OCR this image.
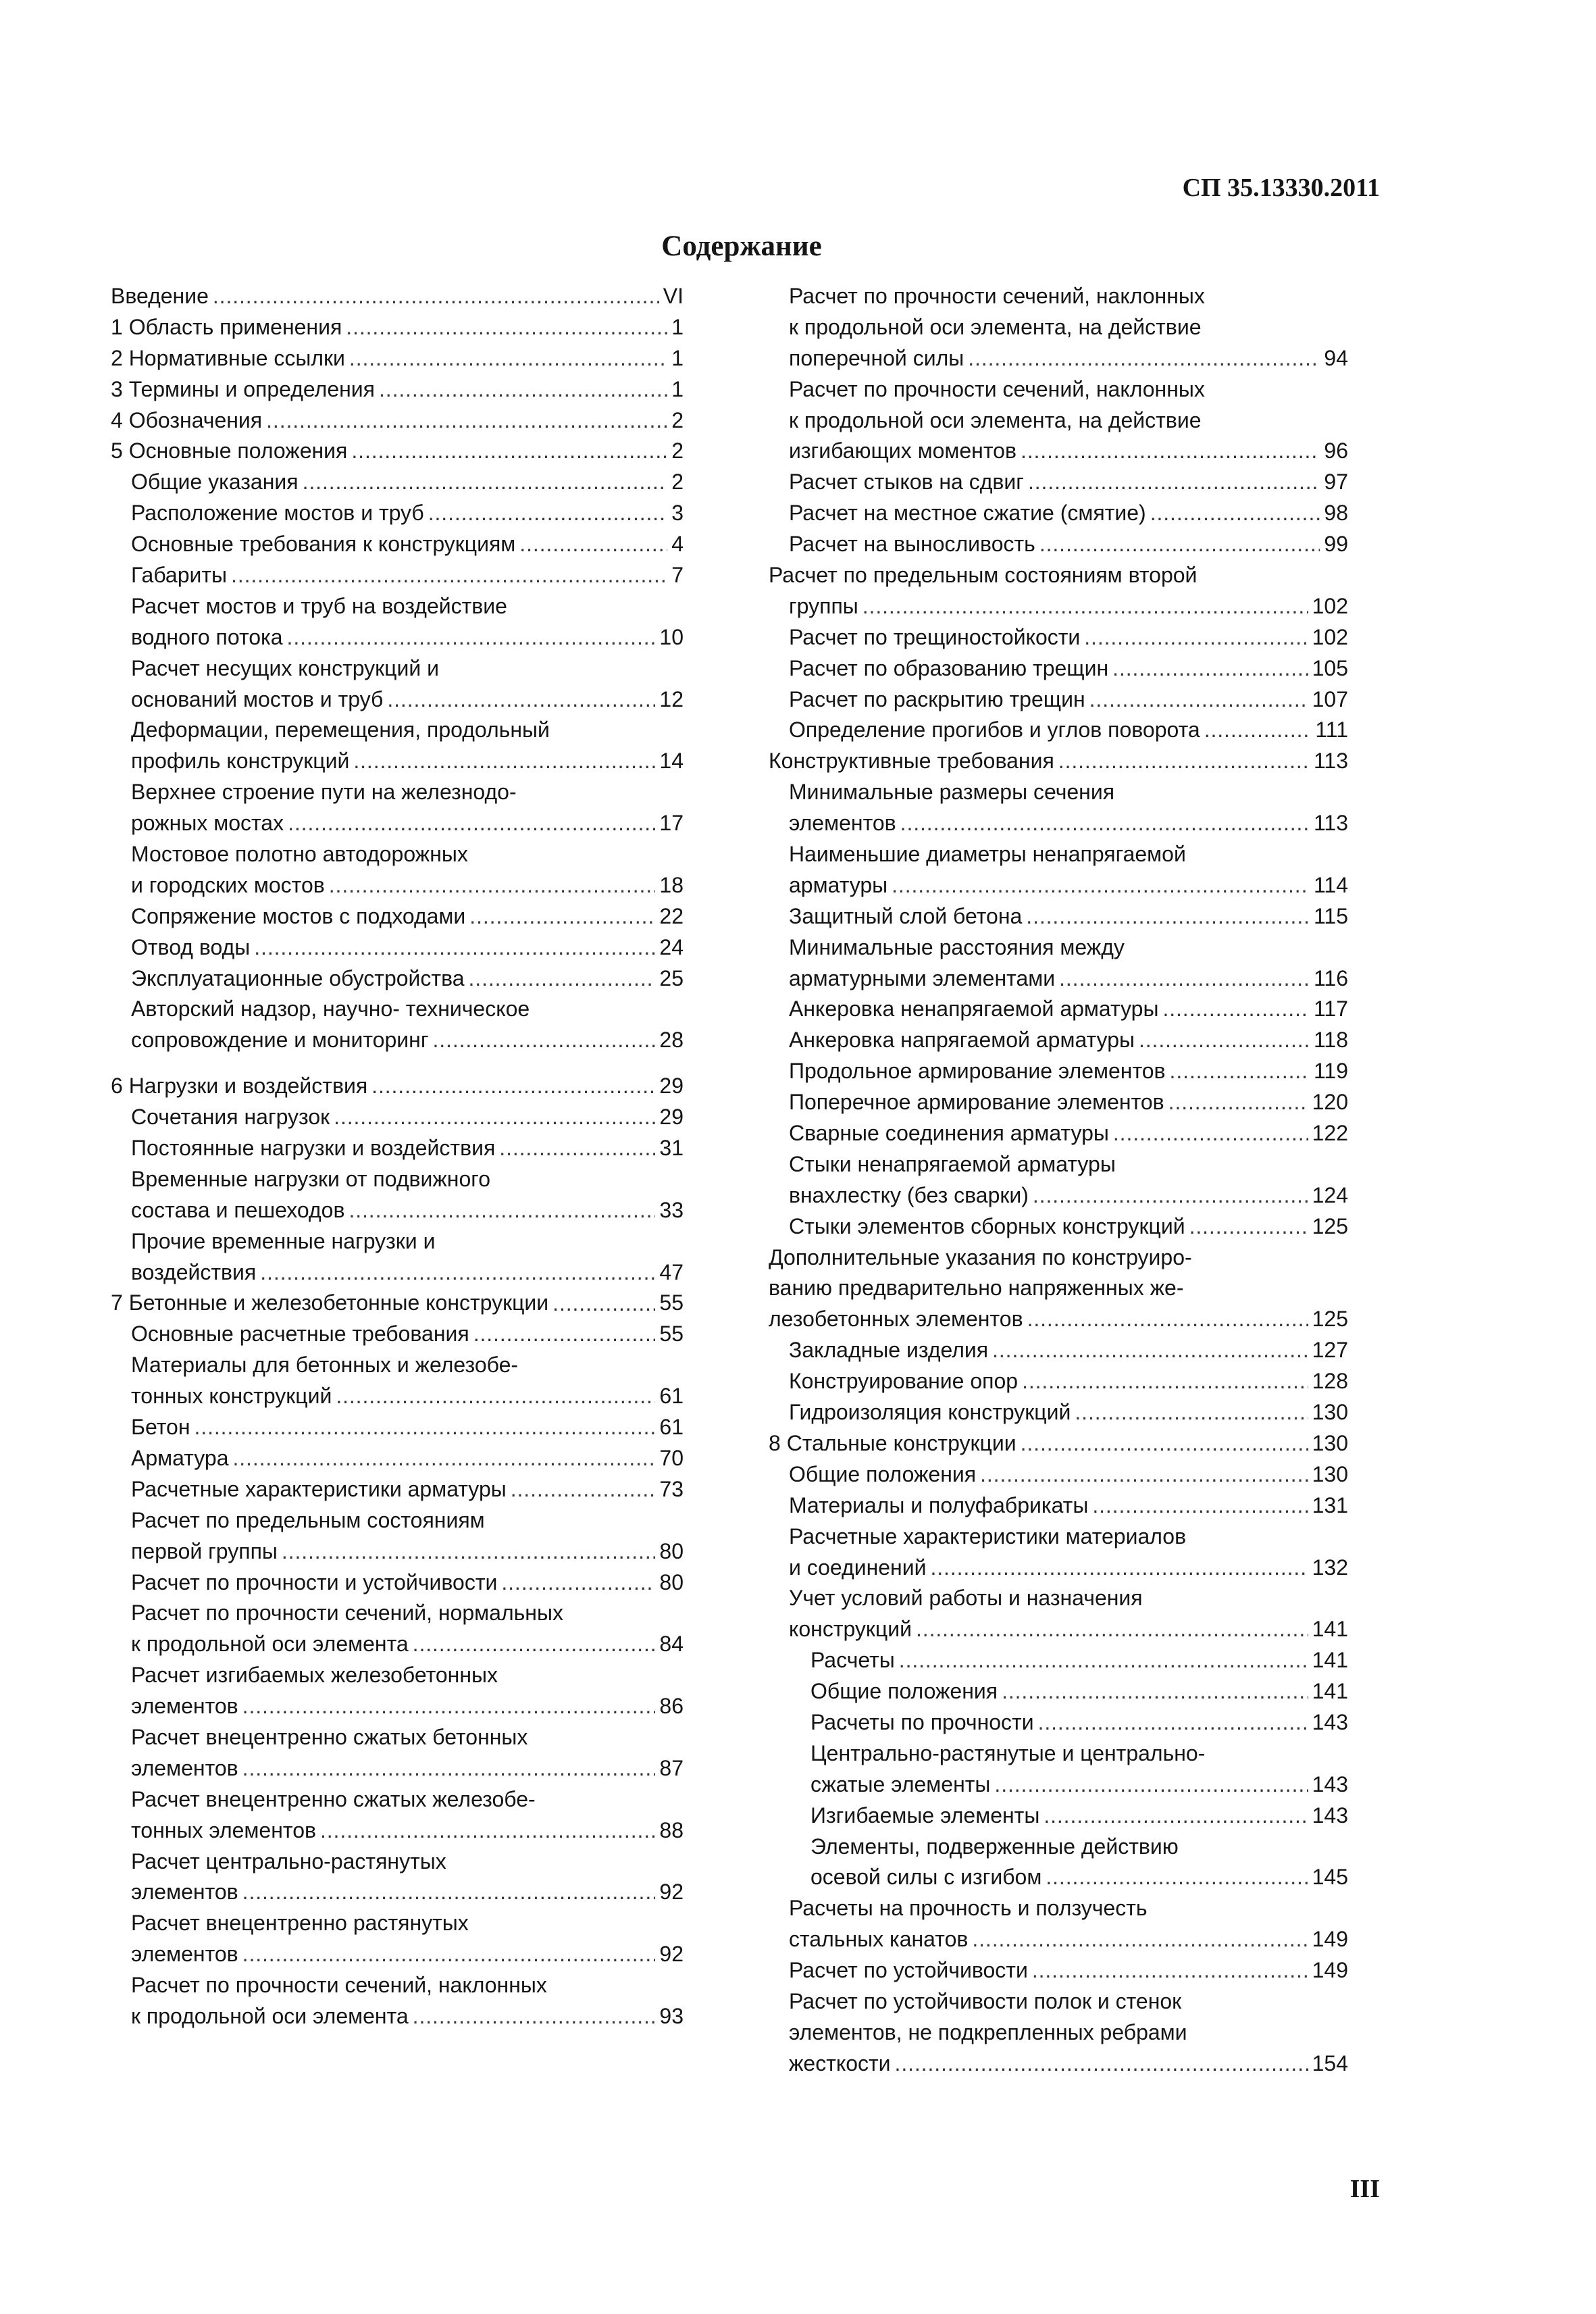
СП 35.13330.2011

Содержание
Введение . . .	VI
1 Область применения . . .	1
2 Нормативные ссылки . . .	1
3 Термины и определения . . .	1
4 Обозначения . . .	2
5 Основные положения . . .	2
Общие указания . . .	2
Расположение мостов и труб . . .	3
Основные требования к конструкциям . . .	4
Габариты . . .	7
Расчет мостов и труб на воздействие
водного потока . . .	10
Расчет несущих конструкций и
оснований мостов и труб . . .	12
Деформации, перемещения, продольный
профиль конструкций . . .	14
Верхнее строение пути на железнодо-
рожных мостах . . .	17
Мостовое полотно автодорожных
и городских мостов . . .	18
Сопряжение мостов с подходами . . .	22
Отвод воды . . .	24
Эксплуатационные обустройства . . .	25
Авторский надзор, научно- техническое
сопровождение и мониторинг . . .	28
6 Нагрузки и воздействия . . .	29
Сочетания нагрузок . . .	29
Постоянные нагрузки и воздействия . . .	31
Временные нагрузки от подвижного
состава и пешеходов . . .	33
Прочие временные нагрузки и
воздействия . . .	47
7 Бетонные и железобетонные конструкции . . .	55
Основные расчетные требования . . .	55
Материалы для бетонных и железобе-
тонных конструкций . . .	61
Бетон . . .	61
Арматура . . .	70
Расчетные характеристики арматуры . . .	73
Расчет по предельным состояниям
первой группы . . .	80
Расчет по прочности и устойчивости . . .	80
Расчет по прочности сечений, нормальных
к продольной оси элемента . . .	84
Расчет изгибаемых железобетонных
элементов . . .	86
Расчет внецентренно сжатых бетонных
элементов . . .	87
Расчет внецентренно сжатых железобе-
тонных элементов . . .	88
Расчет центрально-растянутых
элементов . . .	92
Расчет внецентренно растянутых
элементов . . .	92
Расчет по прочности сечений, наклонных
к продольной оси элемента . . .	93
Расчет по прочности сечений, наклонных
к продольной оси элемента, на действие
поперечной силы . . .	94
Расчет по прочности сечений, наклонных
к продольной оси элемента, на действие
изгибающих моментов . . .	96
Расчет стыков на сдвиг . . .	97
Расчет на местное сжатие (смятие) . . .	98
Расчет на выносливость . . .	99
Расчет по предельным состояниям второй
группы . . .	102
Расчет по трещиностойкости . . .	102
Расчет по образованию трещин . . .	105
Расчет по раскрытию трещин . . .	107
Определение прогибов и углов поворота . . .	111
Конструктивные требования . . .	113
Минимальные размеры сечения
элементов . . .	113
Наименьшие диаметры ненапрягаемой
арматуры . . .	114
Защитный слой бетона . . .	115
Минимальные расстояния между
арматурными элементами . . .	116
Анкеровка ненапрягаемой арматуры . . .	117
Анкеровка напрягаемой арматуры . . .	118
Продольное армирование элементов . . .	119
Поперечное армирование элементов . . .	120
Сварные соединения арматуры . . .	122
Стыки ненапрягаемой арматуры
внахлестку (без сварки) . . .	124
Стыки элементов сборных конструкций . . .	125
Дополнительные указания по конструиро-
ванию предварительно напряженных же-
лезобетонных элементов . . .	125
Закладные изделия . . .	127
Конструирование опор . . .	128
Гидроизоляция конструкций . . .	130
8 Стальные конструкции . . .	130
Общие положения . . .	130
Материалы и полуфабрикаты . . .	131
Расчетные характеристики материалов
и соединений . . .	132
Учет условий работы и назначения
конструкций . . .	141
Расчеты . . .	141
Общие положения . . .	141
Расчеты по прочности . . .	143
Центрально-растянутые и центрально-
сжатые элементы . . .	143
Изгибаемые элементы . . .	143
Элементы, подверженные действию
осевой силы с изгибом . . .	145
Расчеты на прочность и ползучесть
стальных канатов . . .	149
Расчет по устойчивости . . .	149
Расчет по устойчивости полок и стенок
элементов, не подкрепленных ребрами
жесткости . . .	154

III
